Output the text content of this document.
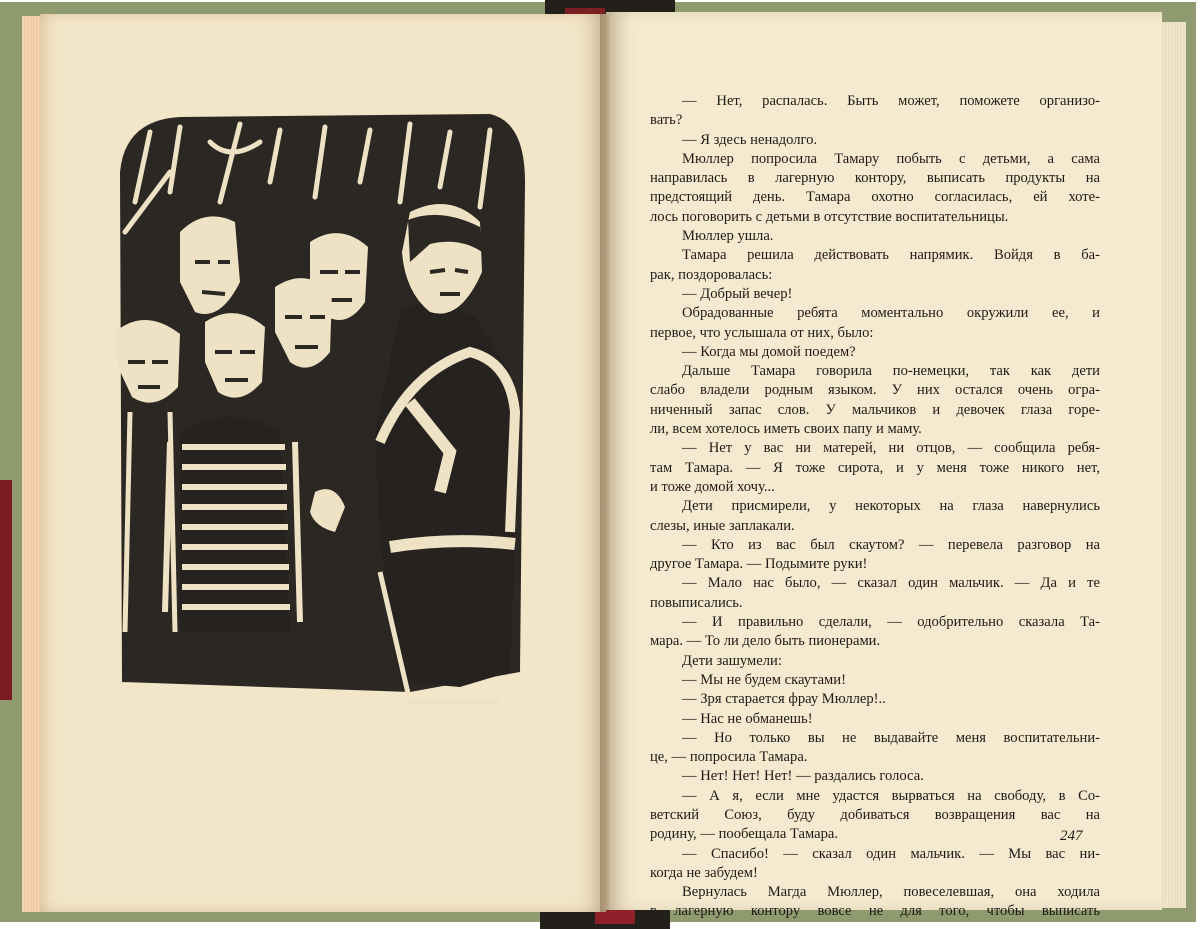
— Нет, распалась. Быть может, поможете организо-
вать?
— Я здесь ненадолго.
Мюллер попросила Тамару побыть с детьми, а сама
направилась в лагерную контору, выписать продукты на
предстоящий день. Тамара охотно согласилась, ей хоте-
лось поговорить с детьми в отсутствие воспитательницы.
Мюллер ушла.
Тамара решила действовать напрямик. Войдя в ба-
рак, поздоровалась:
— Добрый вечер!
Обрадованные ребята моментально окружили ее, и
первое, что услышала от них, было:
— Когда мы домой поедем?
Дальше Тамара говорила по-немецки, так как дети
слабо владели родным языком. У них остался очень огра-
ниченный запас слов. У мальчиков и девочек глаза горе-
ли, всем хотелось иметь своих папу и маму.
— Нет у вас ни матерей, ни отцов, — сообщила ребя-
там Тамара. — Я тоже сирота, и у меня тоже никого нет,
и тоже домой хочу...
Дети присмирели, у некоторых на глаза навернулись
слезы, иные заплакали.
— Кто из вас был скаутом? — перевела разговор на
другое Тамара. — Подымите руки!
— Мало нас было, — сказал один мальчик. — Да и те
повыписались.
— И правильно сделали, — одобрительно сказала Та-
мара. — То ли дело быть пионерами.
Дети зашумели:
— Мы не будем скаутами!
— Зря старается фрау Мюллер!..
— Нас не обманешь!
— Но только вы не выдавайте меня воспитательни-
це, — попросила Тамара.
— Нет! Нет! Нет! — раздались голоса.
— А я, если мне удастся вырваться на свободу, в Со-
ветский Союз, буду добиваться возвращения вас на
родину, — пообещала Тамара.
— Спасибо! — сказал один мальчик. — Мы вас ни-
когда не забудем!
Вернулась Магда Мюллер, повеселевшая, она ходила
в лагерную контору вовсе не для того, чтобы выписать
247
